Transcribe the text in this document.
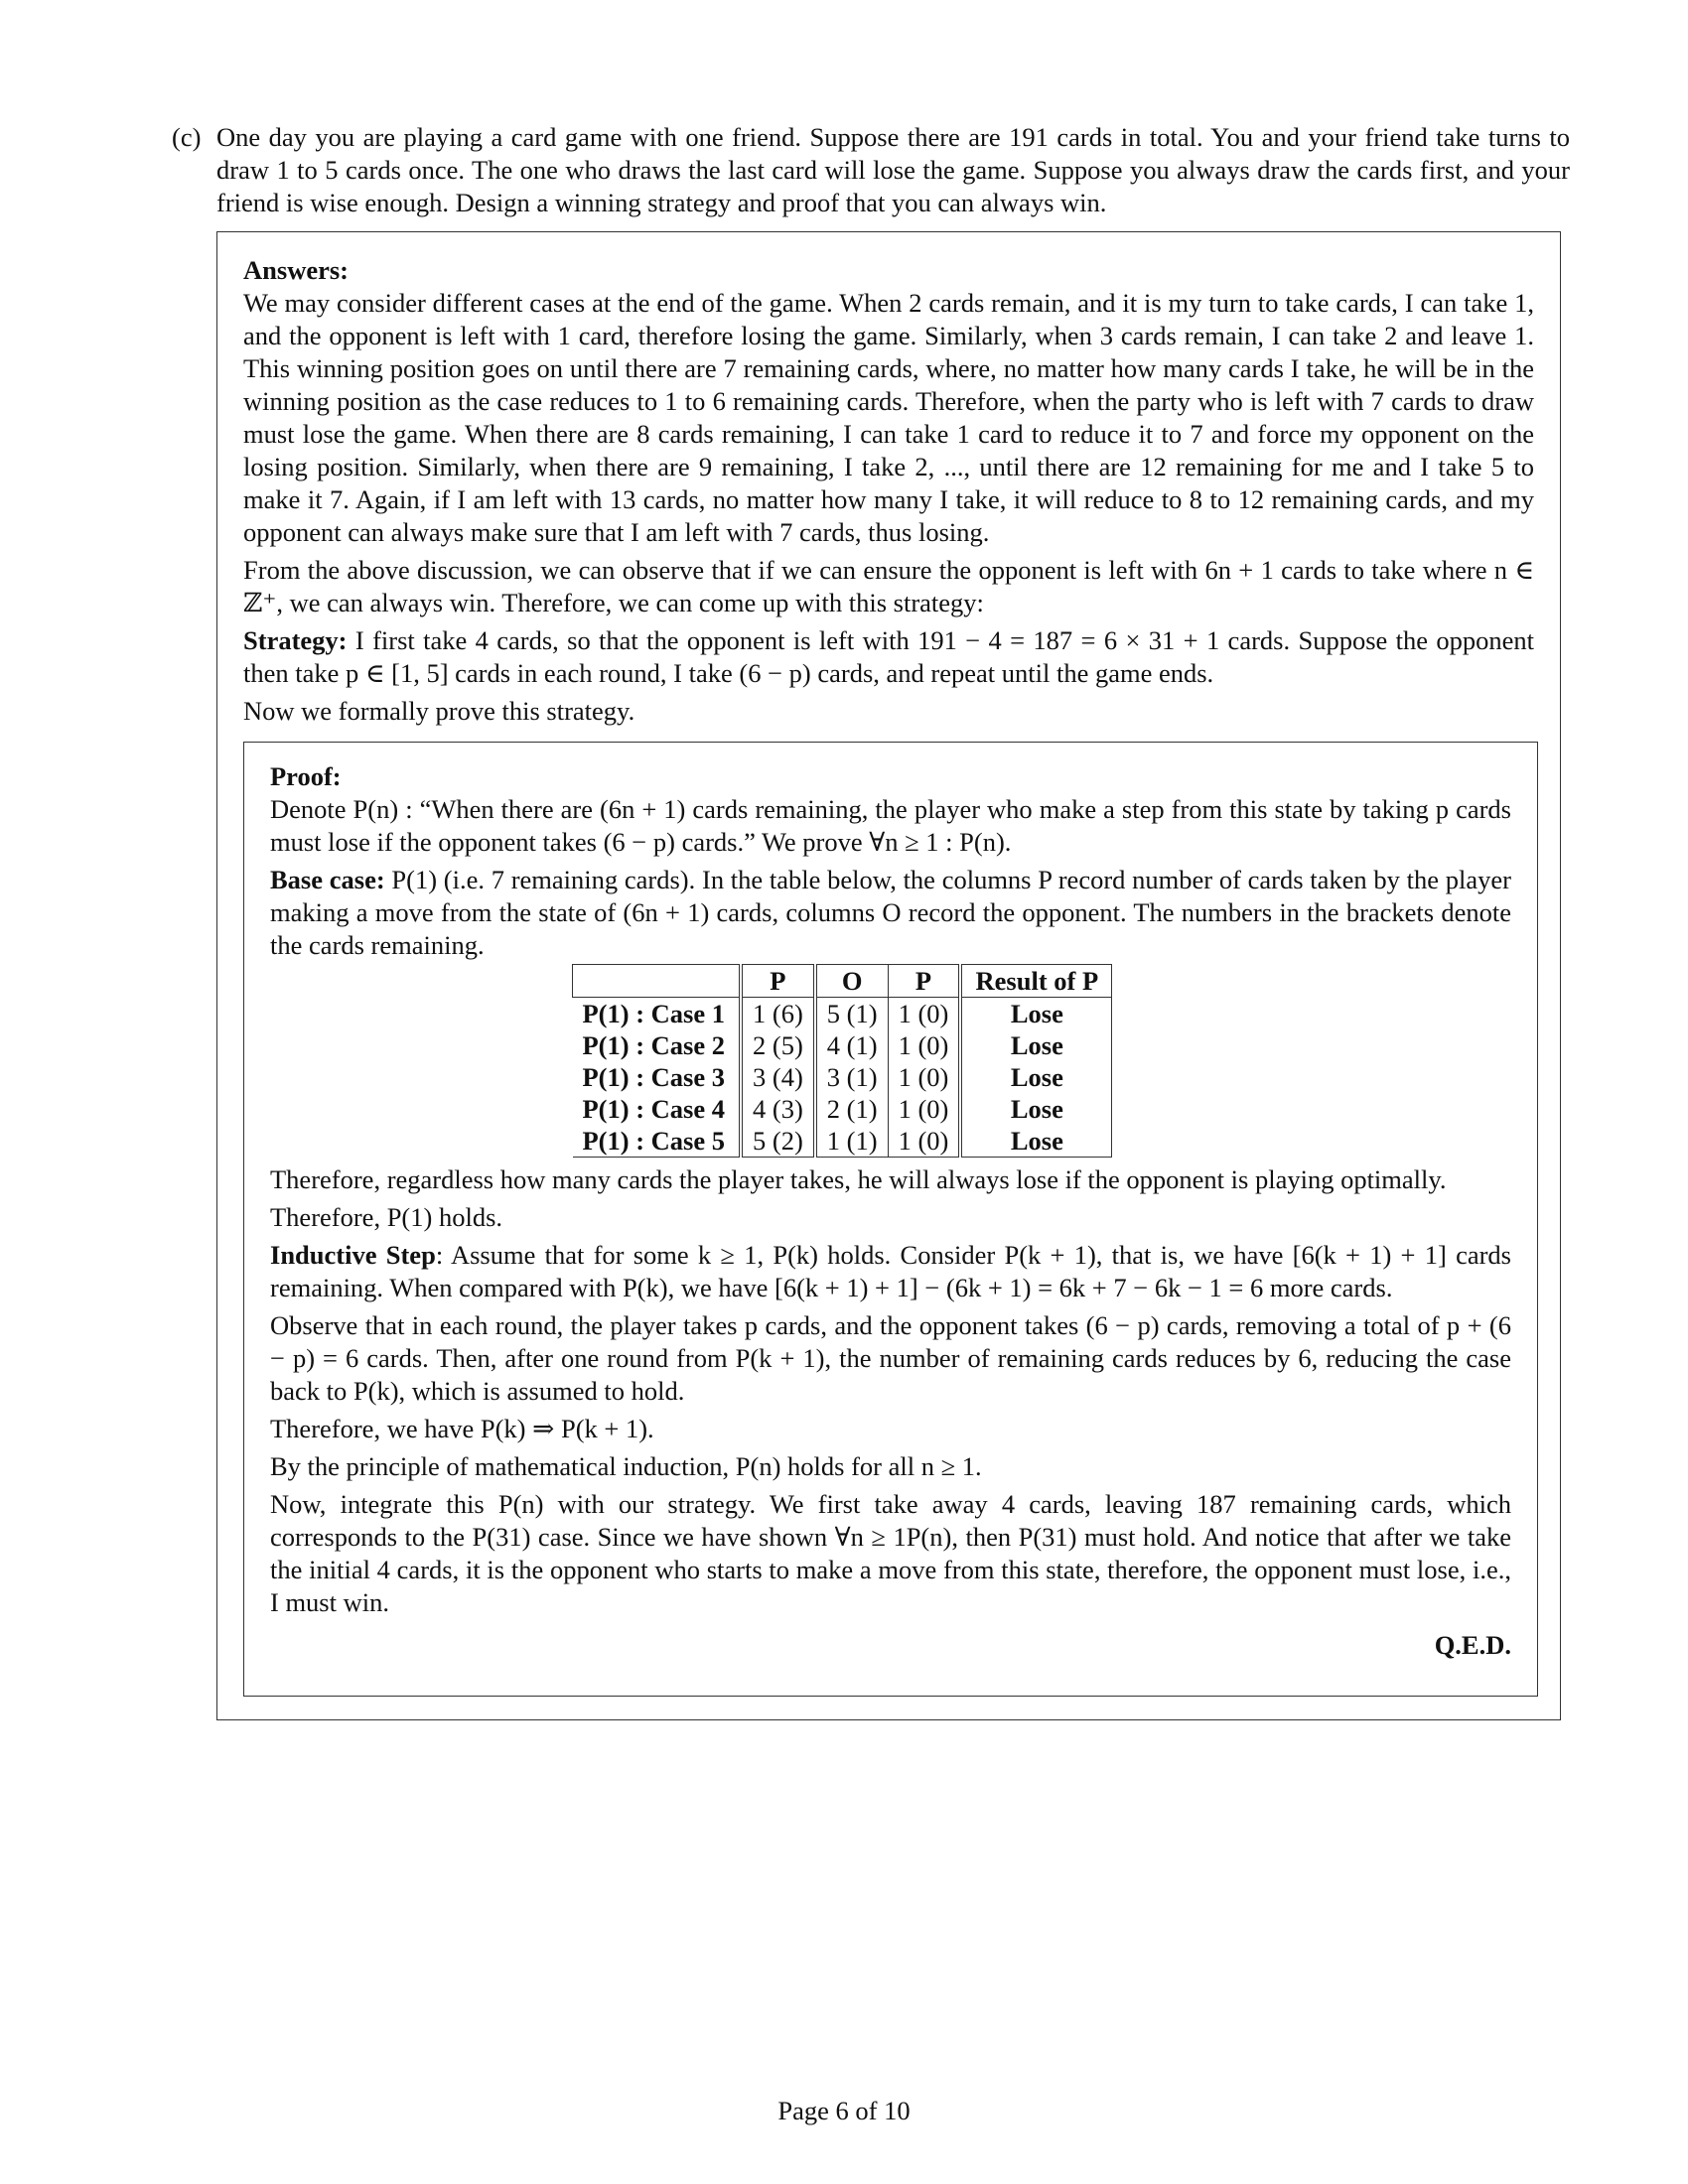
(c) One day you are playing a card game with one friend. Suppose there are 191 cards in total. You and your friend take turns to draw 1 to 5 cards once. The one who draws the last card will lose the game. Suppose you always draw the cards first, and your friend is wise enough. Design a winning strategy and proof that you can always win.
Answers:

We may consider different cases at the end of the game. When 2 cards remain, and it is my turn to take cards, I can take 1, and the opponent is left with 1 card, therefore losing the game. Similarly, when 3 cards remain, I can take 2 and leave 1. This winning position goes on until there are 7 remaining cards, where, no matter how many cards I take, he will be in the winning position as the case reduces to 1 to 6 remaining cards. Therefore, when the party who is left with 7 cards to draw must lose the game. When there are 8 cards remaining, I can take 1 card to reduce it to 7 and force my opponent on the losing position. Similarly, when there are 9 remaining, I take 2, ..., until there are 12 remaining for me and I take 5 to make it 7. Again, if I am left with 13 cards, no matter how many I take, it will reduce to 8 to 12 remaining cards, and my opponent can always make sure that I am left with 7 cards, thus losing.

From the above discussion, we can observe that if we can ensure the opponent is left with 6n + 1 cards to take where n ∈ ℤ⁺, we can always win. Therefore, we can come up with this strategy:

Strategy: I first take 4 cards, so that the opponent is left with 191 − 4 = 187 = 6 × 31 + 1 cards. Suppose the opponent then take p ∈ [1, 5] cards in each round, I take (6 − p) cards, and repeat until the game ends.

Now we formally prove this strategy.

Proof:

Denote P(n) : “When there are (6n + 1) cards remaining, the player who make a step from this state by taking p cards must lose if the opponent takes (6 − p) cards.” We prove ∀n ≥ 1 : P(n).

Base case: P(1) (i.e. 7 remaining cards). In the table below, the columns P record number of cards taken by the player making a move from the state of (6n + 1) cards, columns O record the opponent. The numbers in the brackets denote the cards remaining.

	P	O	P	Result of P
P(1) : Case 1	1 (6)	5 (1)	1 (0)	Lose
P(1) : Case 2	2 (5)	4 (1)	1 (0)	Lose
P(1) : Case 3	3 (4)	3 (1)	1 (0)	Lose
P(1) : Case 4	4 (3)	2 (1)	1 (0)	Lose
P(1) : Case 5	5 (2)	1 (1)	1 (0)	Lose

Therefore, regardless how many cards the player takes, he will always lose if the opponent is playing optimally.

Therefore, P(1) holds.

Inductive Step: Assume that for some k ≥ 1, P(k) holds. Consider P(k + 1), that is, we have [6(k + 1) + 1] cards remaining. When compared with P(k), we have [6(k + 1) + 1] − (6k + 1) = 6k + 7 − 6k − 1 = 6 more cards.

Observe that in each round, the player takes p cards, and the opponent takes (6 − p) cards, removing a total of p + (6 − p) = 6 cards. Then, after one round from P(k + 1), the number of remaining cards reduces by 6, reducing the case back to P(k), which is assumed to hold.

Therefore, we have P(k) ⇒ P(k + 1).

By the principle of mathematical induction, P(n) holds for all n ≥ 1.

Now, integrate this P(n) with our strategy. We first take away 4 cards, leaving 187 remaining cards, which corresponds to the P(31) case. Since we have shown ∀n ≥ 1P(n), then P(31) must hold. And notice that after we take the initial 4 cards, it is the opponent who starts to make a move from this state, therefore, the opponent must lose, i.e., I must win.

Q.E.D.
Page 6 of 10
